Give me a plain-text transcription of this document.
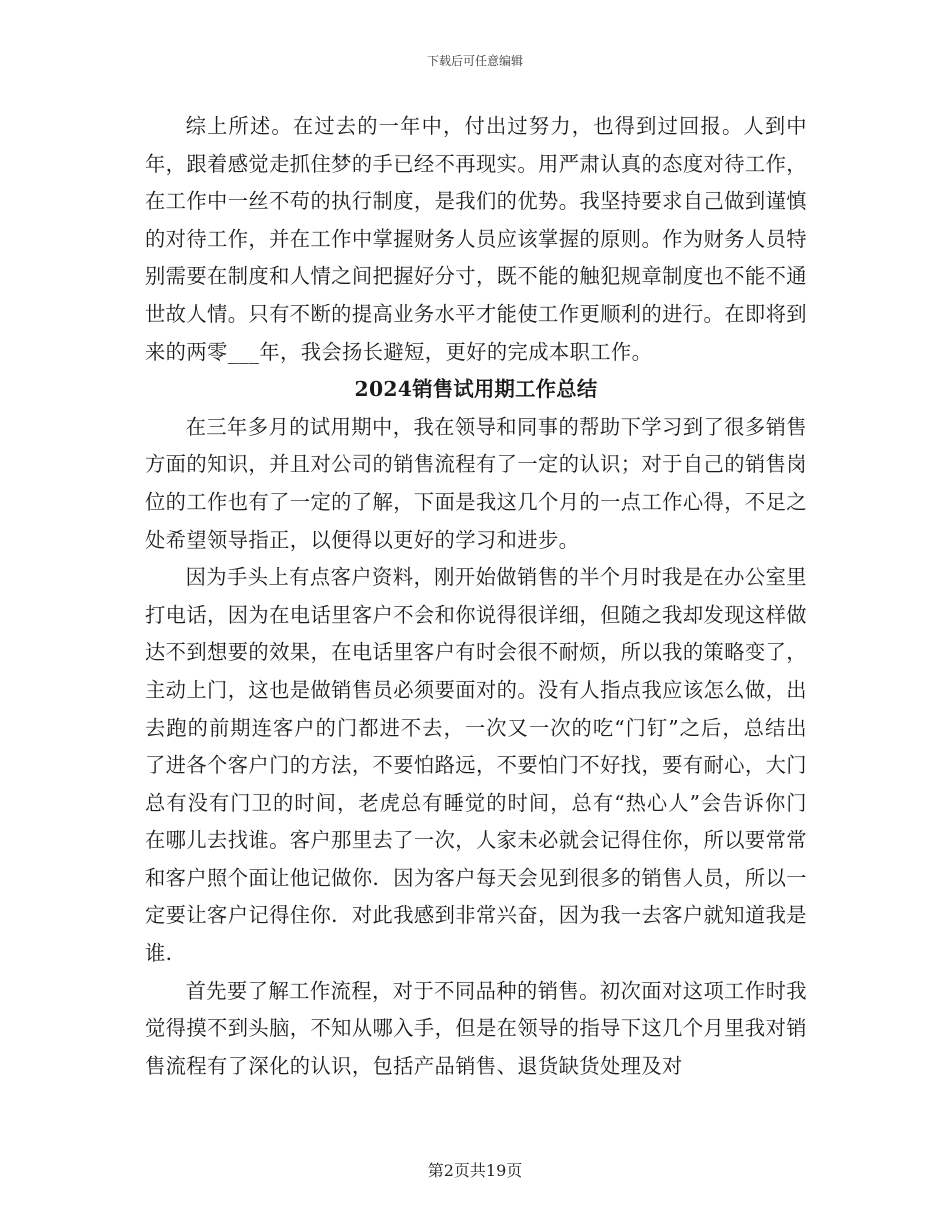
下载后可任意编辑

综上所述。在过去的一年中，付出过努力，也得到过回报。人到中年，跟着感觉走抓住梦的手已经不再现实。用严肃认真的态度对待工作，在工作中一丝不苟的执行制度，是我们的优势。我坚持要求自己做到谨慎的对待工作，并在工作中掌握财务人员应该掌握的原则。作为财务人员特别需要在制度和人情之间把握好分寸，既不能的触犯规章制度也不能不通世故人情。只有不断的提高业务水平才能使工作更顺利的进行。在即将到来的两零___年，我会扬长避短，更好的完成本职工作。

2024销售试用期工作总结

在三年多月的试用期中，我在领导和同事的帮助下学习到了很多销售方面的知识，并且对公司的销售流程有了一定的认识；对于自己的销售岗位的工作也有了一定的了解，下面是我这几个月的一点工作心得，不足之处希望领导指正，以便得以更好的学习和进步。

因为手头上有点客户资料，刚开始做销售的半个月时我是在办公室里打电话，因为在电话里客户不会和你说得很详细，但随之我却发现这样做达不到想要的效果，在电话里客户有时会很不耐烦，所以我的策略变了，主动上门，这也是做销售员必须要面对的。没有人指点我应该怎么做，出去跑的前期连客户的门都进不去，一次又一次的吃“门钉”之后，总结出了进各个客户门的方法，不要怕路远，不要怕门不好找，要有耐心，大门总有没有门卫的时间，老虎总有睡觉的时间，总有“热心人”会告诉你门在哪儿去找谁。客户那里去了一次，人家未必就会记得住你，所以要常常和客户照个面让他记做你．因为客户每天会见到很多的销售人员，所以一定要让客户记得住你．对此我感到非常兴奋，因为我一去客户就知道我是谁．

首先要了解工作流程，对于不同品种的销售。初次面对这项工作时我觉得摸不到头脑，不知从哪入手，但是在领导的指导下这几个月里我对销售流程有了深化的认识，包括产品销售、退货缺货处理及对

第2页共19页
